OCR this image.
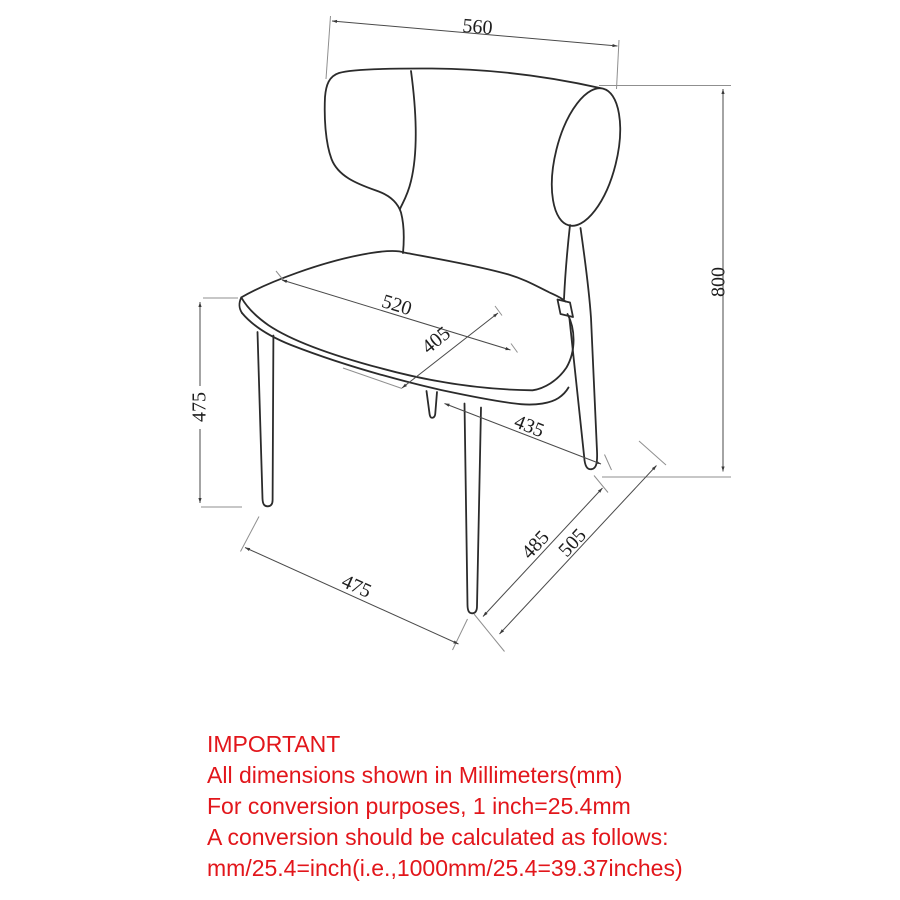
560
800
520
405
435
475
475
485 505
IMPORTANT
All dimensions shown in Millimeters(mm)
For conversion purposes, 1 inch=25.4mm
A conversion should be calculated as follows:
mm/25.4=inch(i.e.,1000mm/25.4=39.37inches)
